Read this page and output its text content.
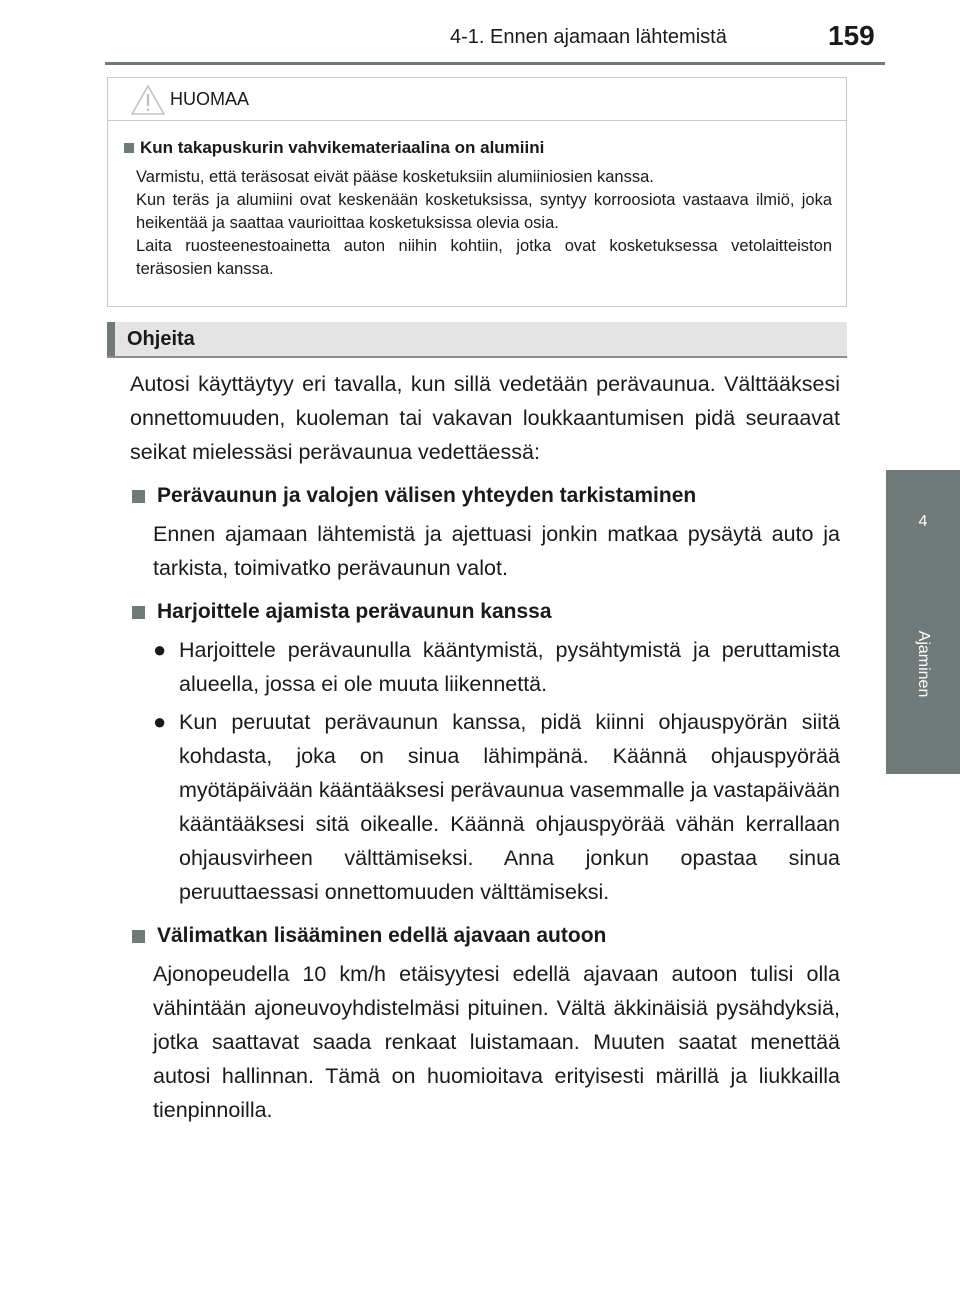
4-1. Ennen ajamaan lähtemistä	159
4
Ajaminen
HUOMAA
Kun takapuskurin vahvikemateriaalina on alumiini

Varmistu, että teräsosat eivät pääse kosketuksiin alumiiniosien kanssa.

Kun teräs ja alumiini ovat keskenään kosketuksissa, syntyy korroosiota vastaava ilmiö, joka heikentää ja saattaa vaurioittaa kosketuksissa olevia osia.

Laita ruosteenestoainetta auton niihin kohtiin, jotka ovat kosketuksessa vetolaitteiston teräsosien kanssa.

Ohjeita

Autosi käyttäytyy eri tavalla, kun sillä vedetään perävaunua. Välttääksesi onnettomuuden, kuoleman tai vakavan loukkaantumisen pidä seuraavat seikat mielessäsi perävaunua vedettäessä:

Perävaunun ja valojen välisen yhteyden tarkistaminen

Ennen ajamaan lähtemistä ja ajettuasi jonkin matkaa pysäytä auto ja tarkista, toimivatko perävaunun valot.

Harjoittele ajamista perävaunun kanssa
● Harjoittele perävaunulla kääntymistä, pysähtymistä ja peruttamista alueella, jossa ei ole muuta liikennettä.
● Kun peruutat perävaunun kanssa, pidä kiinni ohjauspyörän siitä kohdasta, joka on sinua lähimpänä. Käännä ohjauspyörää myötäpäivään kääntääksesi perävaunua vasemmalle ja vastapäivään kääntääksesi sitä oikealle. Käännä ohjauspyörää vähän kerrallaan ohjausvirheen välttämiseksi. Anna jonkun opastaa sinua peruuttaessasi onnettomuuden välttämiseksi.
Välimatkan lisääminen edellä ajavaan autoon

Ajonopeudella 10 km/h etäisyytesi edellä ajavaan autoon tulisi olla vähintään ajoneuvoyhdistelmäsi pituinen. Vältä äkkinäisiä pysähdyksiä, jotka saattavat saada renkaat luistamaan. Muuten saatat menettää autosi hallinnan. Tämä on huomioitava erityisesti märillä ja liukkailla tienpinnoilla.
